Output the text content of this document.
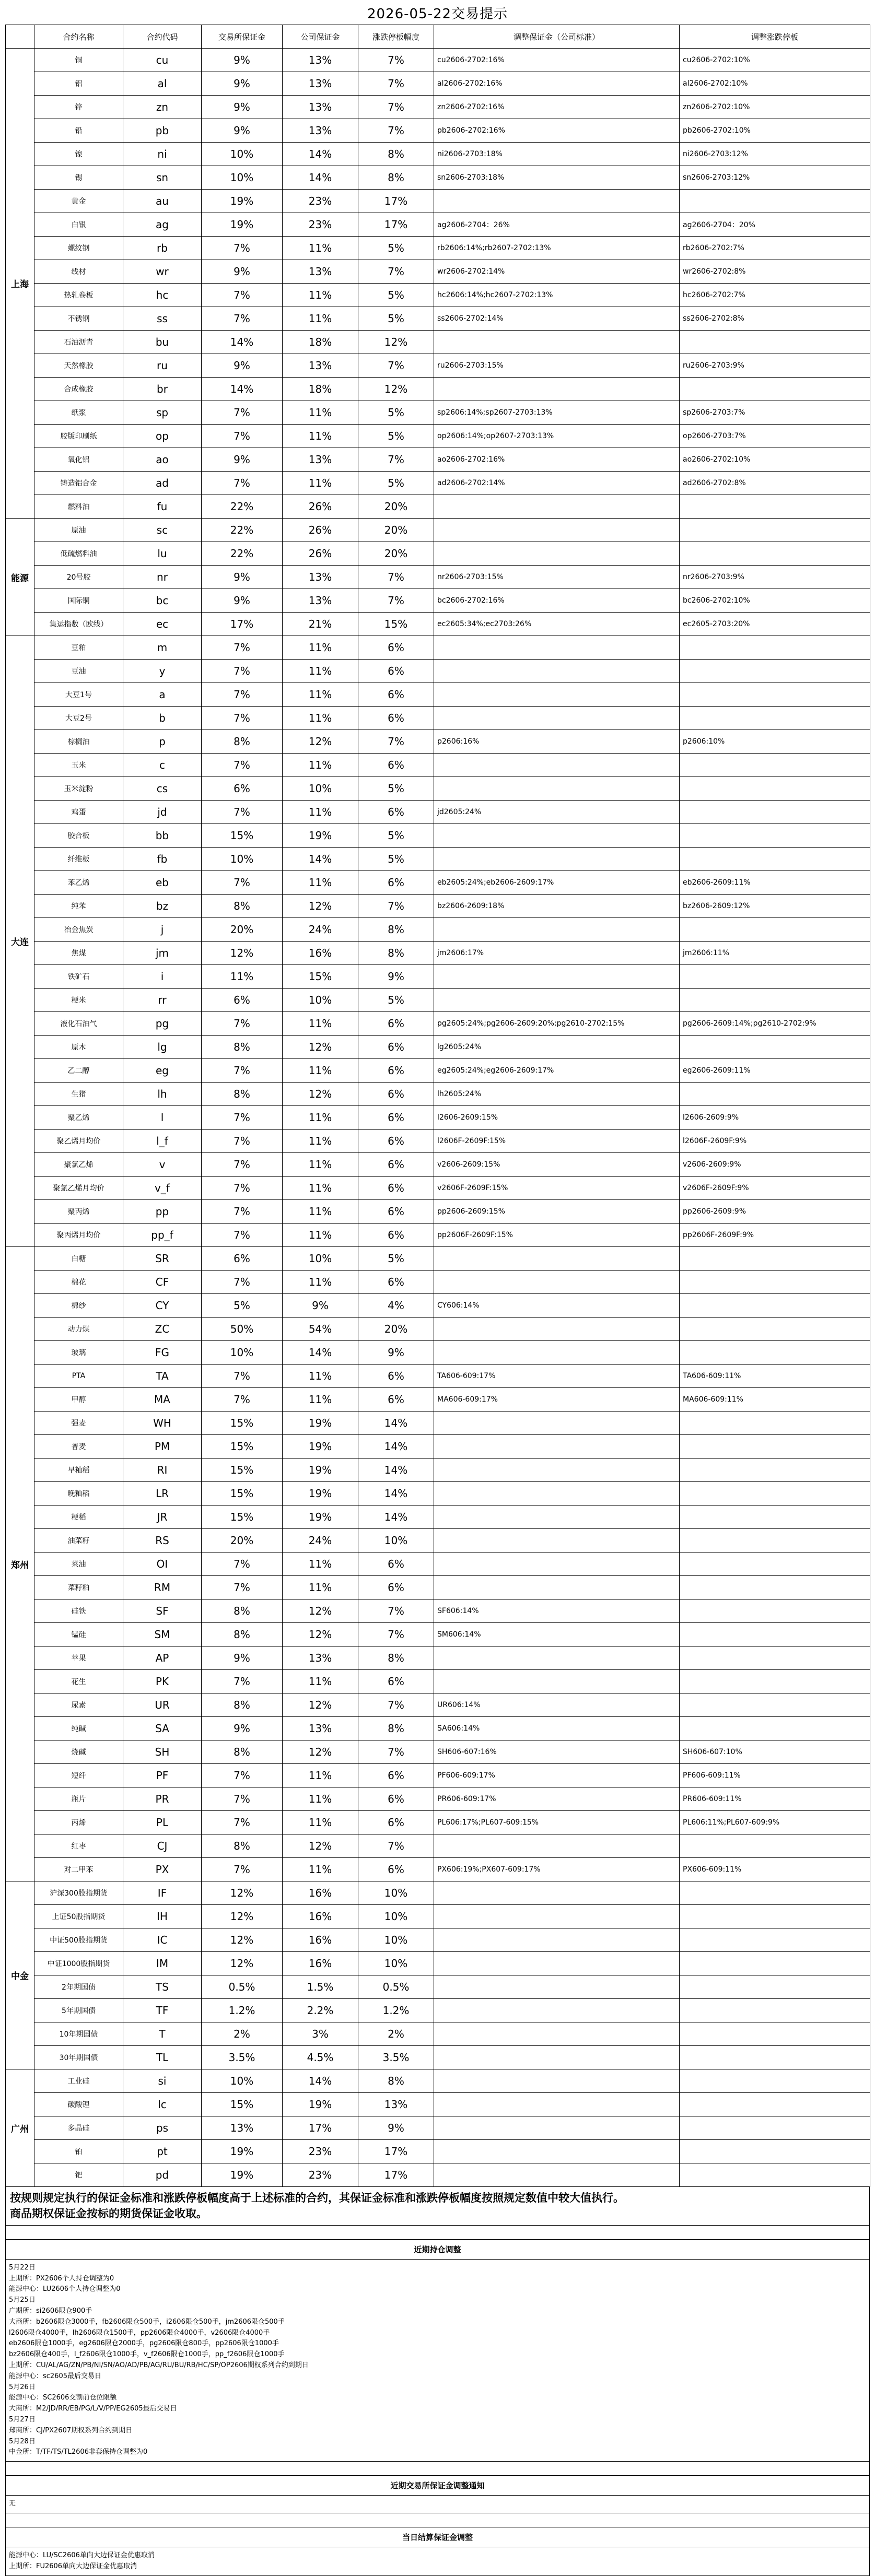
2026-05-22交易提示
	合约名称	合约代码	交易所保证金	公司保证金	涨跌停板幅度	调整保证金（公司标准）	调整涨跌停板
上海	铜	cu	9%	13%	7%	cu2606-2702:16%	cu2606-2702:10%
	铝	al	9%	13%	7%	al2606-2702:16%	al2606-2702:10%
	锌	zn	9%	13%	7%	zn2606-2702:16%	zn2606-2702:10%
	铅	pb	9%	13%	7%	pb2606-2702:16%	pb2606-2702:10%
	镍	ni	10%	14%	8%	ni2606-2703:18%	ni2606-2703:12%
	锡	sn	10%	14%	8%	sn2606-2703:18%	sn2606-2703:12%
	黄金	au	19%	23%	17%		
	白银	ag	19%	23%	17%	ag2606-2704：26%	ag2606-2704：20%
	螺纹钢	rb	7%	11%	5%	rb2606:14%;rb2607-2702:13%	rb2606-2702:7%
	线材	wr	9%	13%	7%	wr2606-2702:14%	wr2606-2702:8%
	热轧卷板	hc	7%	11%	5%	hc2606:14%;hc2607-2702:13%	hc2606-2702:7%
	不锈钢	ss	7%	11%	5%	ss2606-2702:14%	ss2606-2702:8%
	石油沥青	bu	14%	18%	12%		
	天然橡胶	ru	9%	13%	7%	ru2606-2703:15%	ru2606-2703:9%
	合成橡胶	br	14%	18%	12%		
	纸浆	sp	7%	11%	5%	sp2606:14%;sp2607-2703:13%	sp2606-2703:7%
	胶版印刷纸	op	7%	11%	5%	op2606:14%;op2607-2703:13%	op2606-2703:7%
	氧化铝	ao	9%	13%	7%	ao2606-2702:16%	ao2606-2702:10%
	铸造铝合金	ad	7%	11%	5%	ad2606-2702:14%	ad2606-2702:8%
	燃料油	fu	22%	26%	20%		
能源	原油	sc	22%	26%	20%		
	低硫燃料油	lu	22%	26%	20%		
	20号胶	nr	9%	13%	7%	nr2606-2703:15%	nr2606-2703:9%
	国际铜	bc	9%	13%	7%	bc2606-2702:16%	bc2606-2702:10%
	集运指数（欧线）	ec	17%	21%	15%	ec2605:34%;ec2703:26%	ec2605-2703:20%
大连	豆粕	m	7%	11%	6%		
	豆油	y	7%	11%	6%		
	大豆1号	a	7%	11%	6%		
	大豆2号	b	7%	11%	6%		
	棕榈油	p	8%	12%	7%	p2606:16%	p2606:10%
	玉米	c	7%	11%	6%		
	玉米淀粉	cs	6%	10%	5%		
	鸡蛋	jd	7%	11%	6%	jd2605:24%	
	胶合板	bb	15%	19%	5%		
	纤维板	fb	10%	14%	5%		
	苯乙烯	eb	7%	11%	6%	eb2605:24%;eb2606-2609:17%	eb2606-2609:11%
	纯苯	bz	8%	12%	7%	bz2606-2609:18%	bz2606-2609:12%
	冶金焦炭	j	20%	24%	8%		
	焦煤	jm	12%	16%	8%	jm2606:17%	jm2606:11%
	铁矿石	i	11%	15%	9%		
	粳米	rr	6%	10%	5%		
	液化石油气	pg	7%	11%	6%	pg2605:24%;pg2606-2609:20%;pg2610-2702:15%	pg2606-2609:14%;pg2610-2702:9%
	原木	lg	8%	12%	6%	lg2605:24%	
	乙二醇	eg	7%	11%	6%	eg2605:24%;eg2606-2609:17%	eg2606-2609:11%
	生猪	lh	8%	12%	6%	lh2605:24%	
	聚乙烯	l	7%	11%	6%	l2606-2609:15%	l2606-2609:9%
	聚乙烯月均价	l_f	7%	11%	6%	l2606F-2609F:15%	l2606F-2609F:9%
	聚氯乙烯	v	7%	11%	6%	v2606-2609:15%	v2606-2609:9%
	聚氯乙烯月均价	v_f	7%	11%	6%	v2606F-2609F:15%	v2606F-2609F:9%
	聚丙烯	pp	7%	11%	6%	pp2606-2609:15%	pp2606-2609:9%
	聚丙烯月均价	pp_f	7%	11%	6%	pp2606F-2609F:15%	pp2606F-2609F:9%
郑州	白糖	SR	6%	10%	5%		
	棉花	CF	7%	11%	6%		
	棉纱	CY	5%	9%	4%	CY606:14%	
	动力煤	ZC	50%	54%	20%		
	玻璃	FG	10%	14%	9%		
	PTA	TA	7%	11%	6%	TA606-609:17%	TA606-609:11%
	甲醇	MA	7%	11%	6%	MA606-609:17%	MA606-609:11%
	强麦	WH	15%	19%	14%		
	普麦	PM	15%	19%	14%		
	早籼稻	RI	15%	19%	14%		
	晚籼稻	LR	15%	19%	14%		
	粳稻	JR	15%	19%	14%		
	油菜籽	RS	20%	24%	10%		
	菜油	OI	7%	11%	6%		
	菜籽粕	RM	7%	11%	6%		
	硅铁	SF	8%	12%	7%	SF606:14%	
	锰硅	SM	8%	12%	7%	SM606:14%	
	苹果	AP	9%	13%	8%		
	花生	PK	7%	11%	6%		
	尿素	UR	8%	12%	7%	UR606:14%	
	纯碱	SA	9%	13%	8%	SA606:14%	
	烧碱	SH	8%	12%	7%	SH606-607:16%	SH606-607:10%
	短纤	PF	7%	11%	6%	PF606-609:17%	PF606-609:11%
	瓶片	PR	7%	11%	6%	PR606-609:17%	PR606-609:11%
	丙烯	PL	7%	11%	6%	PL606:17%;PL607-609:15%	PL606:11%;PL607-609:9%
	红枣	CJ	8%	12%	7%		
	对二甲苯	PX	7%	11%	6%	PX606:19%;PX607-609:17%	PX606-609:11%
中金	沪深300股指期货	IF	12%	16%	10%		
	上证50股指期货	IH	12%	16%	10%		
	中证500股指期货	IC	12%	16%	10%		
	中证1000股指期货	IM	12%	16%	10%		
	2年期国债	TS	0.5%	1.5%	0.5%		
	5年期国债	TF	1.2%	2.2%	1.2%		
	10年期国债	T	2%	3%	2%		
	30年期国债	TL	3.5%	4.5%	3.5%		
广州	工业硅	si	10%	14%	8%		
	碳酸锂	lc	15%	19%	13%		
	多晶硅	ps	13%	17%	9%		
	铂	pt	19%	23%	17%		
	钯	pd	19%	23%	17%		
按规则规定执行的保证金标准和涨跌停板幅度高于上述标准的合约，其保证金标准和涨跌停板幅度按照规定数值中较大值执行。
商品期权保证金按标的期货保证金收取。
近期持仓调整
5月22日
上期所：PX2606个人持仓调整为0
能源中心：LU2606个人持仓调整为0
5月25日
广期所：si2606限仓900手
大商所：b2606限仓3000手，fb2606限仓500手，i2606限仓500手，jm2606限仓500手
l2606限仓4000手，lh2606限仓1500手，pp2606限仓4000手，v2606限仓4000手
eb2606限仓1000手，eg2606限仓2000手，pg2606限仓800手，pp2606限仓1000手
bz2606限仓400手，l_f2606限仓1000手，v_f2606限仓1000手，pp_f2606限仓1000手
上期所：CU/AL/AG/ZN/PB/NI/SN/AO/AD/PB/AG/RU/BU/RB/HC/SP/OP2606期权系列合约到期日
能源中心：sc2605最后交易日
5月26日
能源中心：SC2606交割前仓位限额
大商所：M2/JD/RR/EB/PG/L/V/PP/EG2605最后交易日
5月27日
郑商所：CJ/PX2607期权系列合约到期日
5月28日
中金所：T/TF/TS/TL2606非套保持仓调整为0
近期交易所保证金调整通知
无
当日结算保证金调整
能源中心：LU/SC2606单向大边保证金优惠取消
上期所：FU2606单向大边保证金优惠取消
